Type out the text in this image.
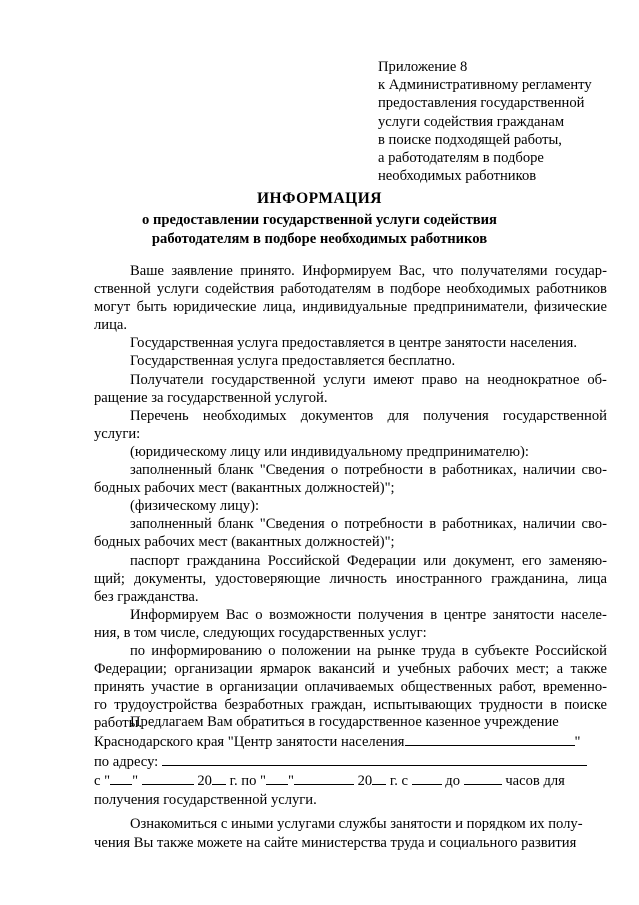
Приложение 8
к Административному регламенту
предоставления государственной
услуги содействия гражданам
в поиске подходящей работы,
а работодателям в подборе
необходимых работников
ИНФОРМАЦИЯ
о предоставлении государственной услуги содействия
работодателям в подборе необходимых работников
Ваше заявление принято. Информируем Вас, что получателями государ-
ственной услуги содействия работодателям в подборе необходимых работников
могут быть юридические лица, индивидуальные предприниматели, физические
лица.
Государственная услуга предоставляется в центре занятости населения.
Государственная услуга предоставляется бесплатно.
Получатели государственной услуги имеют право на неоднократное об-
ращение за государственной услугой.
Перечень необходимых документов для получения государственной
услуги:
(юридическому лицу или индивидуальному предпринимателю):
заполненный бланк "Сведения о потребности в работниках, наличии сво-
бодных рабочих мест (вакантных должностей)";
(физическому лицу):
заполненный бланк "Сведения о потребности в работниках, наличии сво-
бодных рабочих мест (вакантных должностей)";
паспорт гражданина Российской Федерации или документ, его заменяю-
щий; документы, удостоверяющие личность иностранного гражданина, лица
без гражданства.
Информируем Вас о возможности получения в центре занятости населе-
ния, в том числе, следующих государственных услуг:
по информированию о положении на рынке труда в субъекте Российской
Федерации; организации ярмарок вакансий и учебных рабочих мест; а также
принять участие в организации оплачиваемых общественных работ, временно-
го трудоустройства безработных граждан, испытывающих трудности в поиске
работы.
Предлагаем Вам обратиться в государственное казенное учреждение
Краснодарского края "Центр занятости населения	"
по адресу:
с " "	20 г. по " "	20 г. с	до	часов для
получения государственной услуги.
Ознакомиться с иными услугами службы занятости и порядком их полу-
чения Вы также можете на сайте министерства труда и социального развития
